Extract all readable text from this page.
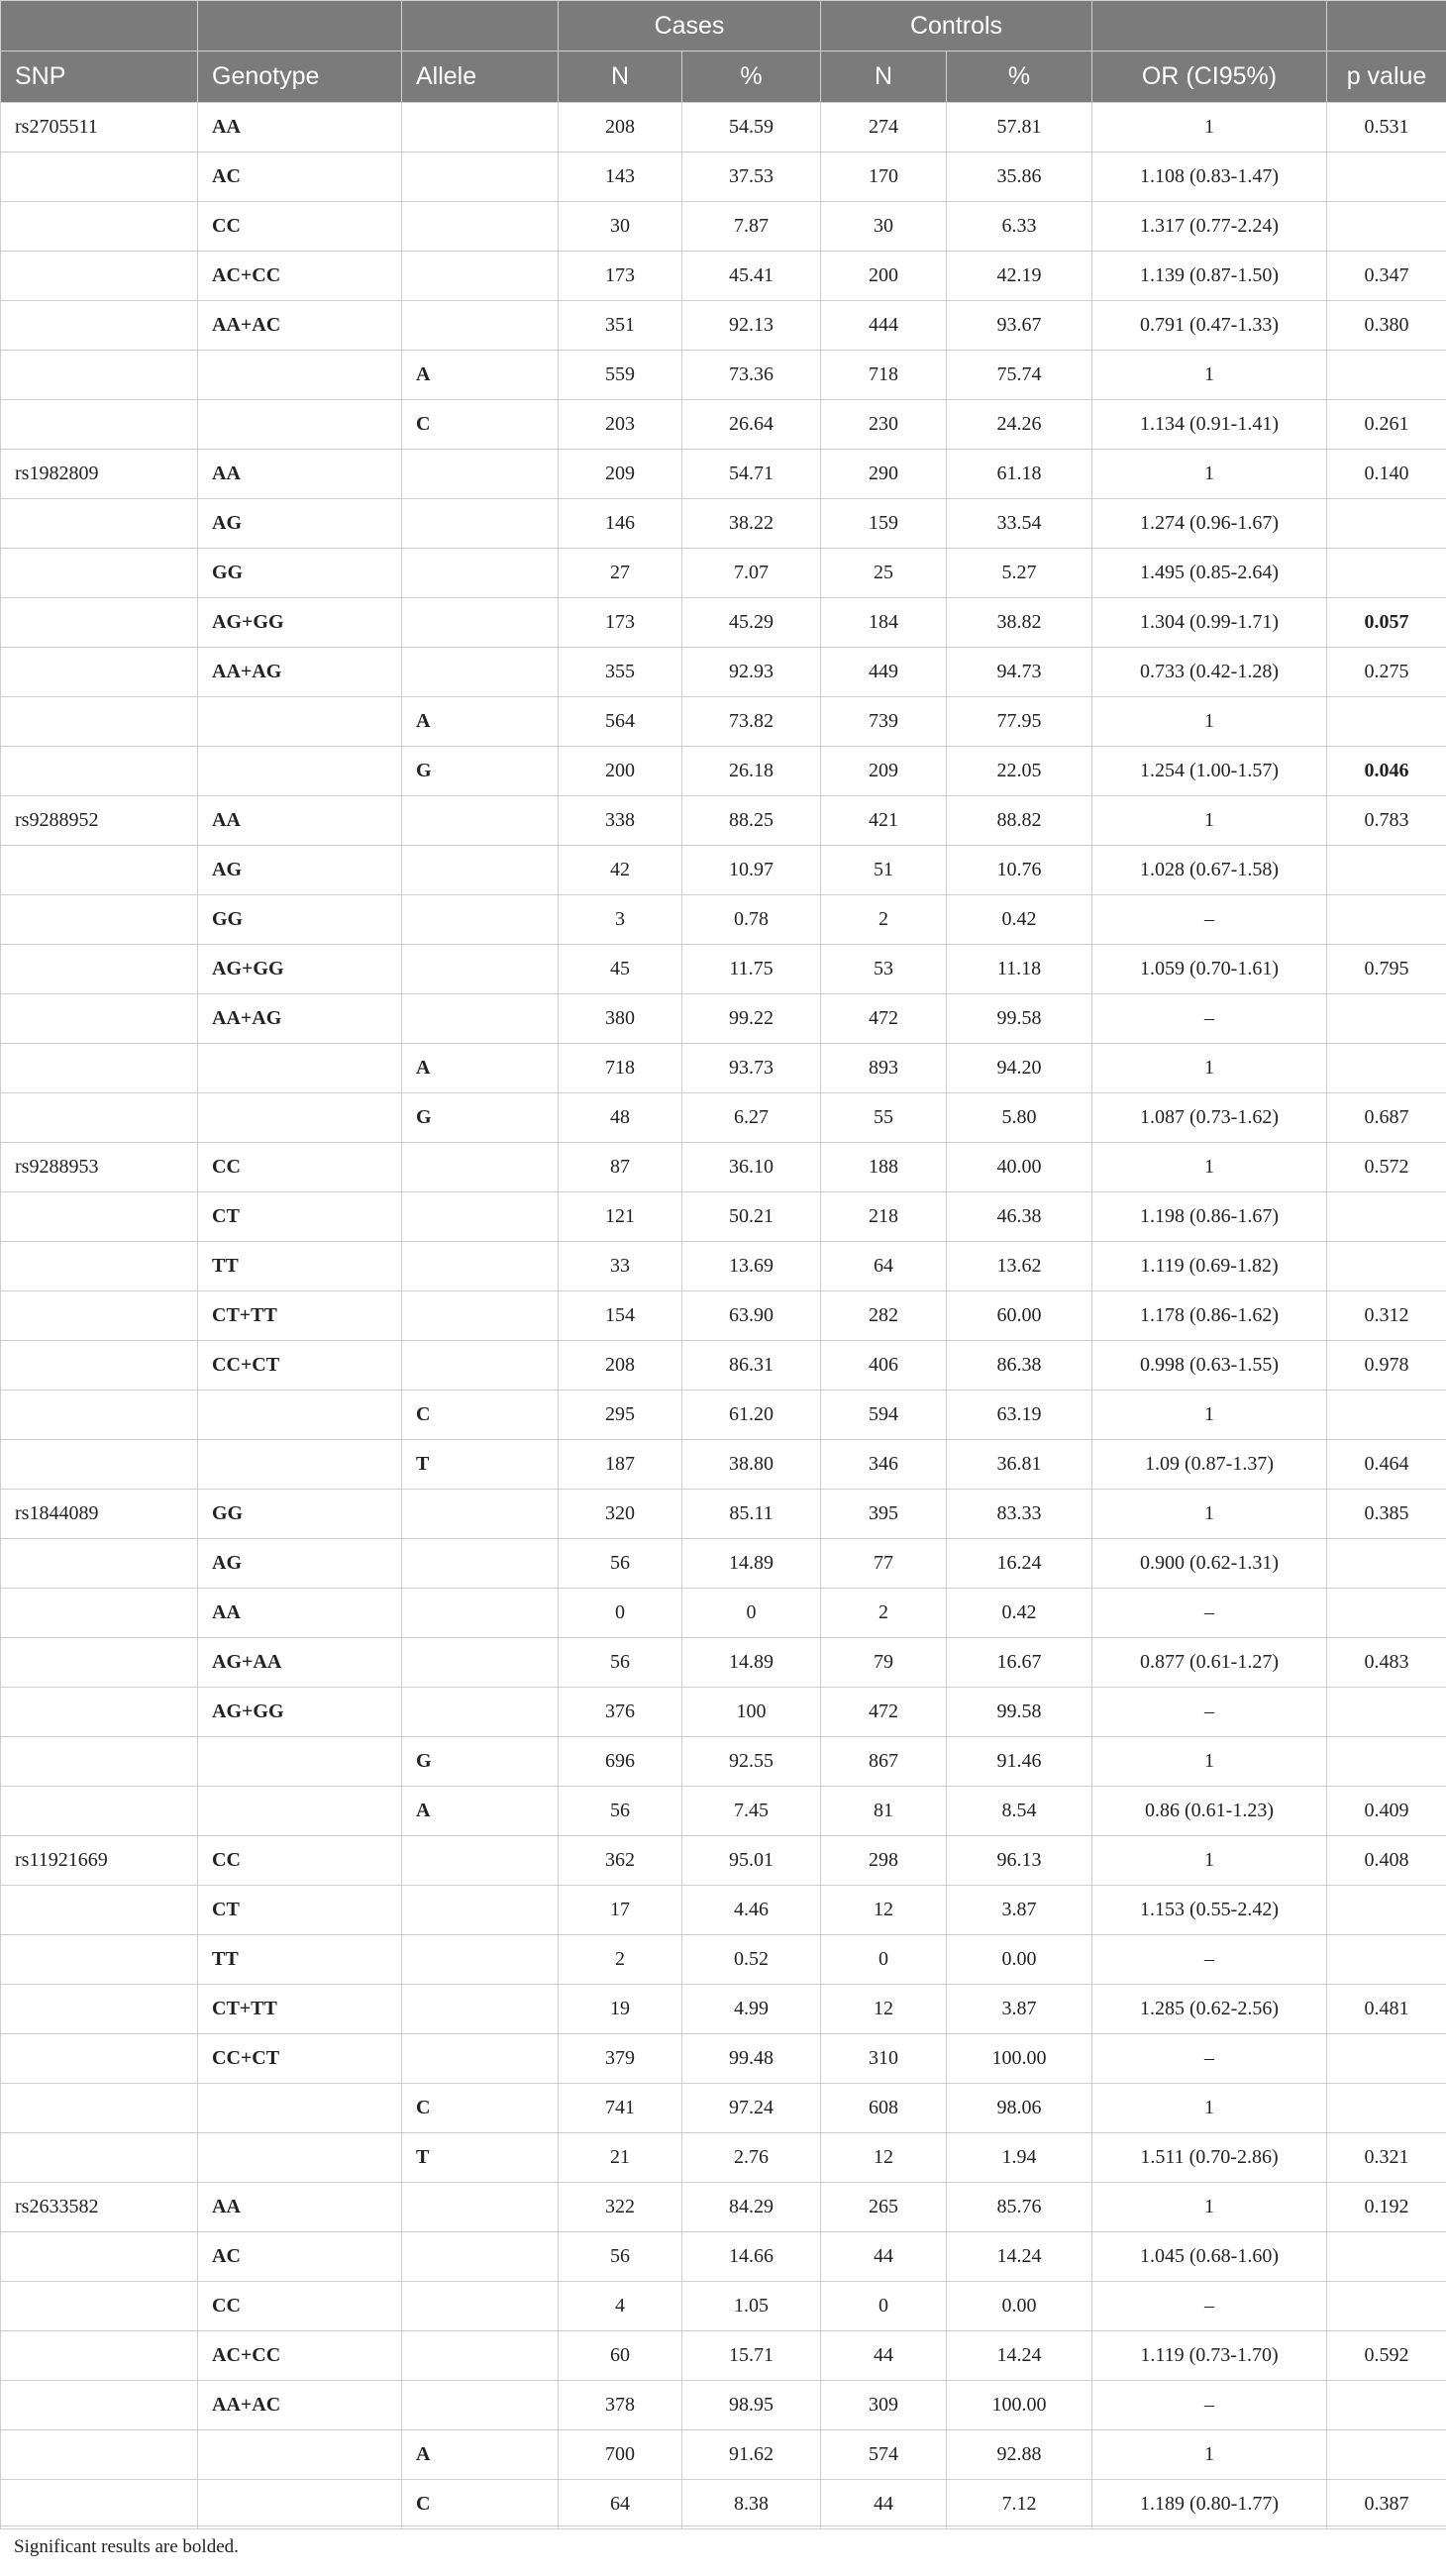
			Cases		Controls			
SNP	Genotype	Allele	N	%	N	%	OR (CI95%)	p value
rs2705511	AA		208	54.59	274	57.81	1	0.531
	AC		143	37.53	170	35.86	1.108 (0.83-1.47)	
	CC		30	7.87	30	6.33	1.317 (0.77-2.24)	
	AC+CC		173	45.41	200	42.19	1.139 (0.87-1.50)	0.347
	AA+AC		351	92.13	444	93.67	0.791 (0.47-1.33)	0.380
		A	559	73.36	718	75.74	1	
		C	203	26.64	230	24.26	1.134 (0.91-1.41)	0.261
rs1982809	AA		209	54.71	290	61.18	1	0.140
	AG		146	38.22	159	33.54	1.274 (0.96-1.67)	
	GG		27	7.07	25	5.27	1.495 (0.85-2.64)	
	AG+GG		173	45.29	184	38.82	1.304 (0.99-1.71)	0.057
	AA+AG		355	92.93	449	94.73	0.733 (0.42-1.28)	0.275
		A	564	73.82	739	77.95	1	
		G	200	26.18	209	22.05	1.254 (1.00-1.57)	0.046
rs9288952	AA		338	88.25	421	88.82	1	0.783
	AG		42	10.97	51	10.76	1.028 (0.67-1.58)	
	GG		3	0.78	2	0.42	–	
	AG+GG		45	11.75	53	11.18	1.059 (0.70-1.61)	0.795
	AA+AG		380	99.22	472	99.58	–	
		A	718	93.73	893	94.20	1	
		G	48	6.27	55	5.80	1.087 (0.73-1.62)	0.687
rs9288953	CC		87	36.10	188	40.00	1	0.572
	CT		121	50.21	218	46.38	1.198 (0.86-1.67)	
	TT		33	13.69	64	13.62	1.119 (0.69-1.82)	
	CT+TT		154	63.90	282	60.00	1.178 (0.86-1.62)	0.312
	CC+CT		208	86.31	406	86.38	0.998 (0.63-1.55)	0.978
		C	295	61.20	594	63.19	1	
		T	187	38.80	346	36.81	1.09 (0.87-1.37)	0.464
rs1844089	GG		320	85.11	395	83.33	1	0.385
	AG		56	14.89	77	16.24	0.900 (0.62-1.31)	
	AA		0	0	2	0.42	–	
	AG+AA		56	14.89	79	16.67	0.877 (0.61-1.27)	0.483
	AG+GG		376	100	472	99.58	–	
		G	696	92.55	867	91.46	1	
		A	56	7.45	81	8.54	0.86 (0.61-1.23)	0.409
rs11921669	CC		362	95.01	298	96.13	1	0.408
	CT		17	4.46	12	3.87	1.153 (0.55-2.42)	
	TT		2	0.52	0	0.00	–	
	CT+TT		19	4.99	12	3.87	1.285 (0.62-2.56)	0.481
	CC+CT		379	99.48	310	100.00	–	
		C	741	97.24	608	98.06	1	
		T	21	2.76	12	1.94	1.511 (0.70-2.86)	0.321
rs2633582	AA		322	84.29	265	85.76	1	0.192
	AC		56	14.66	44	14.24	1.045 (0.68-1.60)	
	CC		4	1.05	0	0.00	–	
	AC+CC		60	15.71	44	14.24	1.119 (0.73-1.70)	0.592
	AA+AC		378	98.95	309	100.00	–	
		A	700	91.62	574	92.88	1	
		C	64	8.38	44	7.12	1.189 (0.80-1.77)	0.387
Significant results are bolded.
